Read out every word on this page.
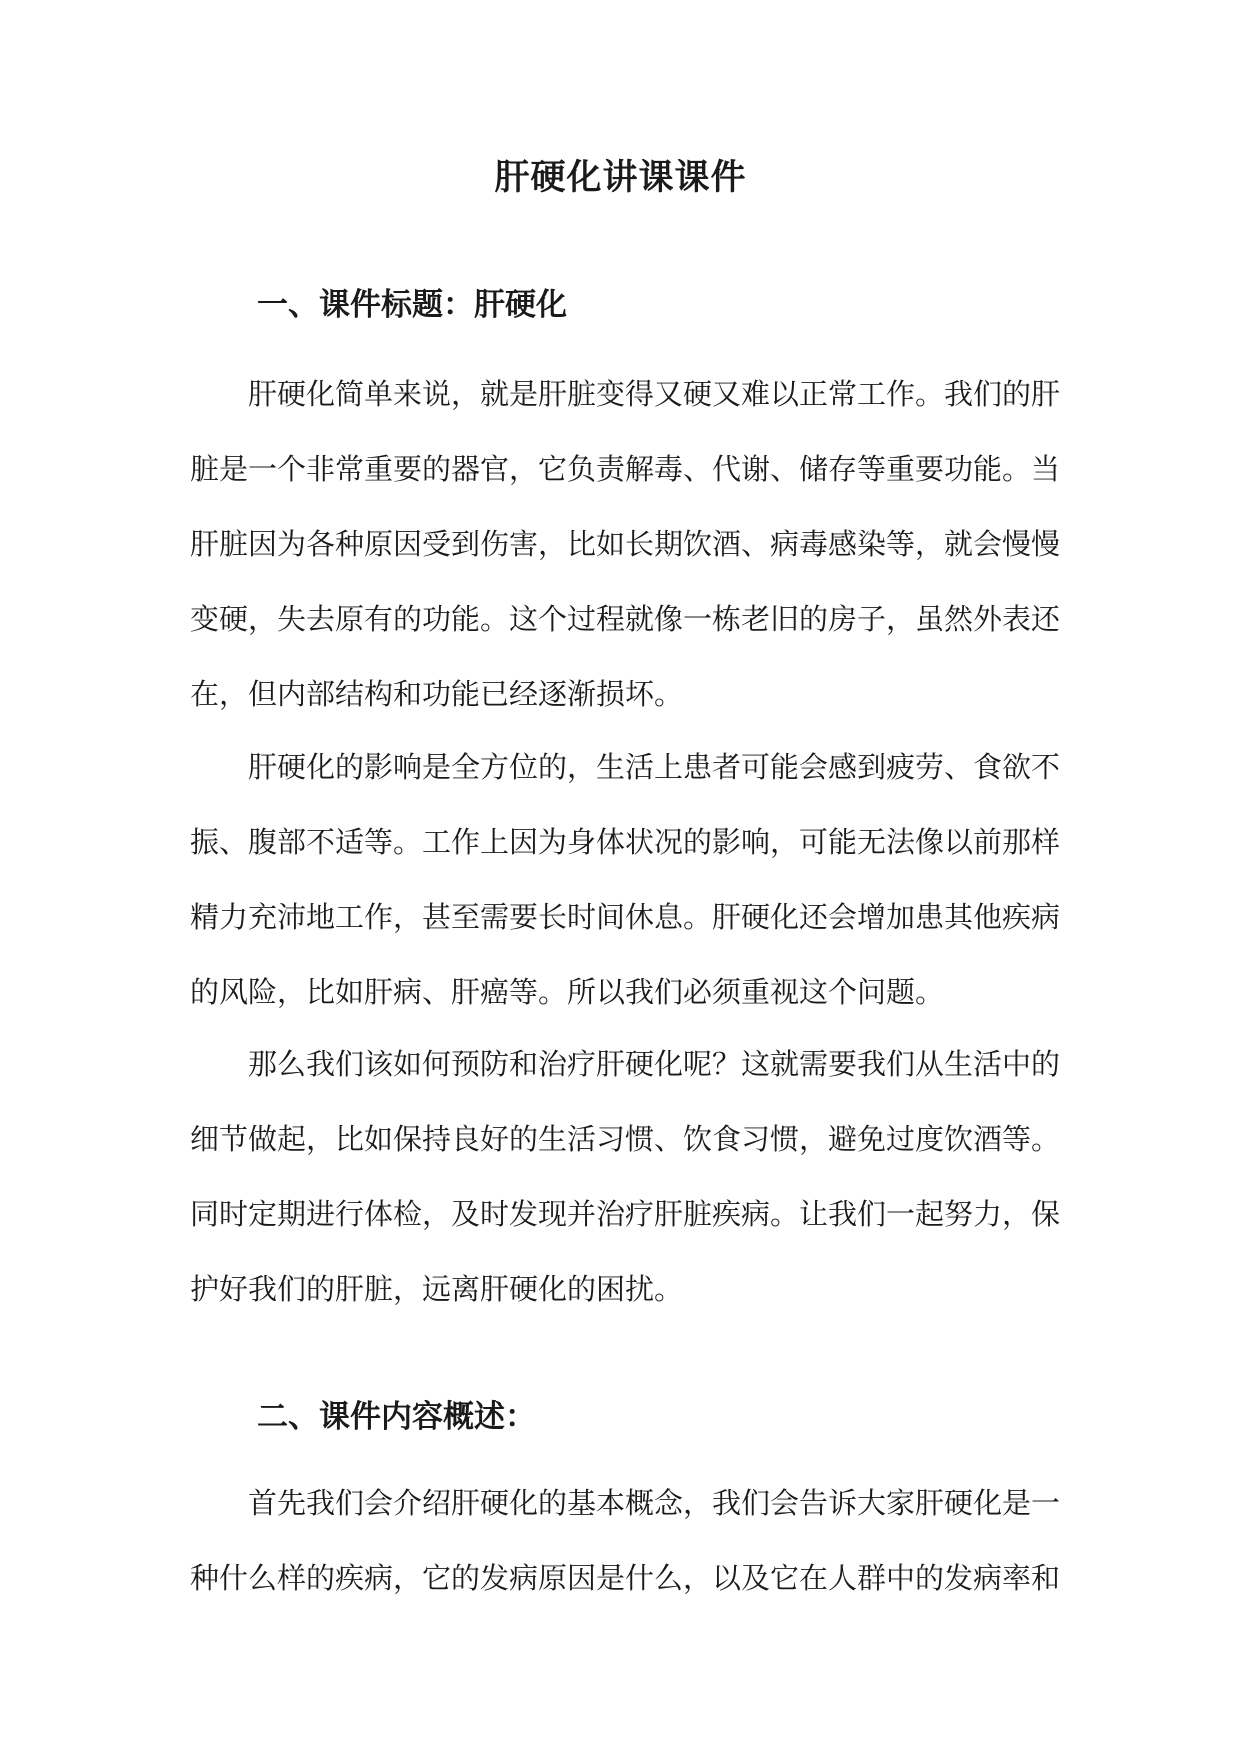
肝硬化讲课课件
一、课件标题：肝硬化

肝硬化简单来说，就是肝脏变得又硬又难以正常工作。我们的肝脏是一个非常重要的器官，它负责解毒、代谢、储存等重要功能。当肝脏因为各种原因受到伤害，比如长期饮酒、病毒感染等，就会慢慢变硬，失去原有的功能。这个过程就像一栋老旧的房子，虽然外表还在，但内部结构和功能已经逐渐损坏。

肝硬化的影响是全方位的，生活上患者可能会感到疲劳、食欲不振、腹部不适等。工作上因为身体状况的影响，可能无法像以前那样精力充沛地工作，甚至需要长时间休息。肝硬化还会增加患其他疾病的风险，比如肝病、肝癌等。所以我们必须重视这个问题。

那么我们该如何预防和治疗肝硬化呢？这就需要我们从生活中的细节做起，比如保持良好的生活习惯、饮食习惯，避免过度饮酒等。同时定期进行体检，及时发现并治疗肝脏疾病。让我们一起努力，保护好我们的肝脏，远离肝硬化的困扰。

二、课件内容概述：

首先我们会介绍肝硬化的基本概念，我们会告诉大家肝硬化是一种什么样的疾病，它的发病原因是什么，以及它在人群中的发病率和
